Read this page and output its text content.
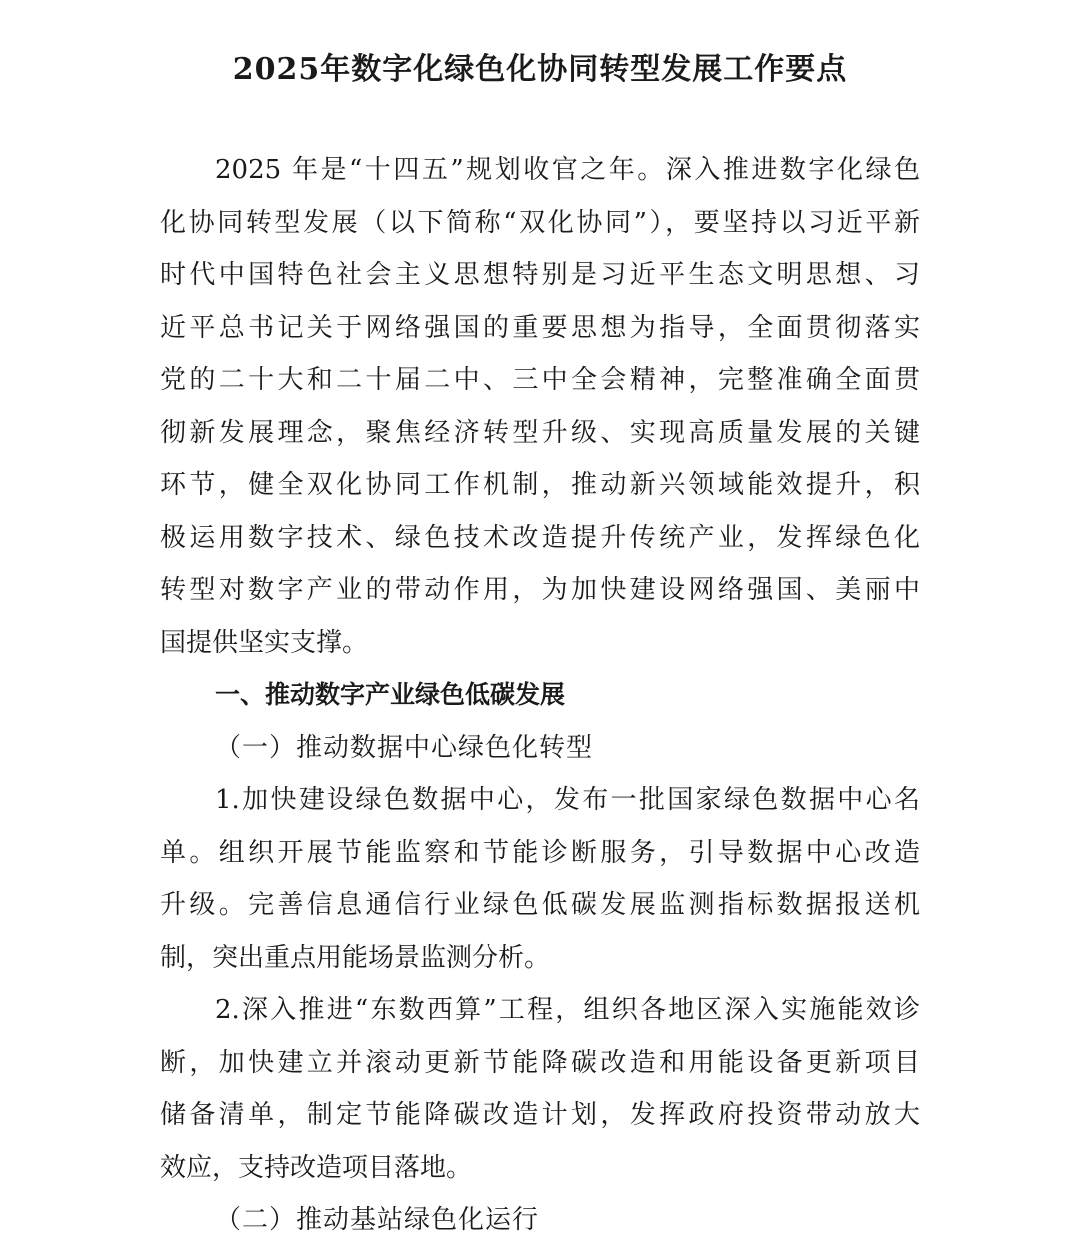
2025年数字化绿色化协同转型发展工作要点
2025 年是“十四五”规划收官之年。深入推进数字化绿色
化协同转型发展（以下简称“双化协同”），要坚持以习近平新
时代中国特色社会主义思想特别是习近平生态文明思想、习
近平总书记关于网络强国的重要思想为指导，全面贯彻落实
党的二十大和二十届二中、三中全会精神，完整准确全面贯
彻新发展理念，聚焦经济转型升级、实现高质量发展的关键
环节，健全双化协同工作机制，推动新兴领域能效提升，积
极运用数字技术、绿色技术改造提升传统产业，发挥绿色化
转型对数字产业的带动作用，为加快建设网络强国、美丽中
国提供坚实支撑。
一、推动数字产业绿色低碳发展
（一）推动数据中心绿色化转型
1.加快建设绿色数据中心，发布一批国家绿色数据中心名
单。组织开展节能监察和节能诊断服务，引导数据中心改造
升级。完善信息通信行业绿色低碳发展监测指标数据报送机
制，突出重点用能场景监测分析。
2.深入推进“东数西算”工程，组织各地区深入实施能效诊
断，加快建立并滚动更新节能降碳改造和用能设备更新项目
储备清单，制定节能降碳改造计划，发挥政府投资带动放大
效应，支持改造项目落地。
（二）推动基站绿色化运行
